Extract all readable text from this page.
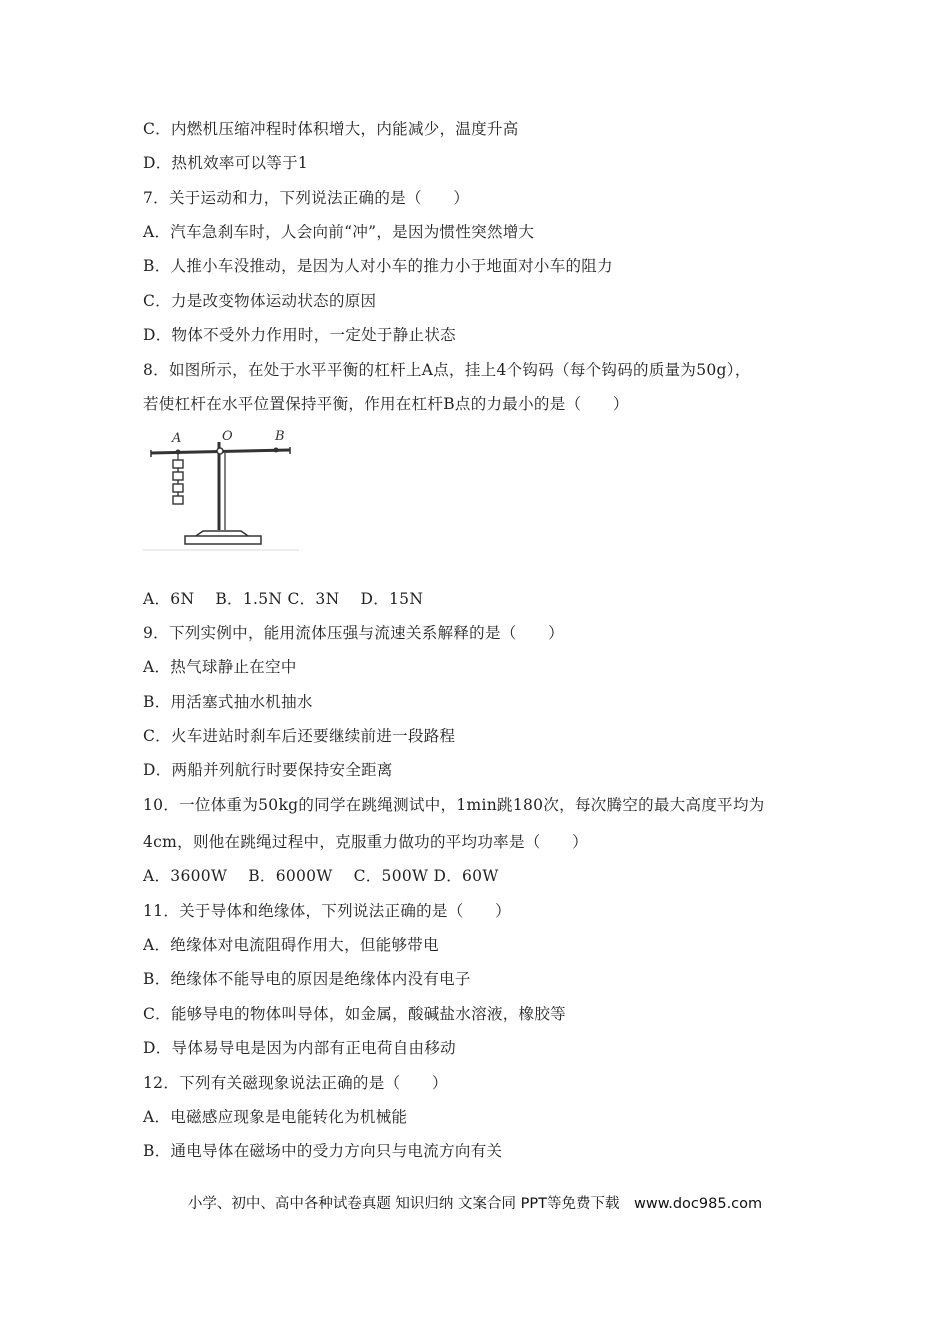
C．内燃机压缩冲程时体积增大，内能减少，温度升高
D．热机效率可以等于1
7．关于运动和力，下列说法正确的是（　　）
A．汽车急刹车时，人会向前“冲”，是因为惯性突然增大
B．人推小车没推动，是因为人对小车的推力小于地面对小车的阻力
C．力是改变物体运动状态的原因
D．物体不受外力作用时，一定处于静止状态
8．如图所示，在处于水平平衡的杠杆上A点，挂上4个钩码（每个钩码的质量为50g），
若使杠杆在水平位置保持平衡，作用在杠杆B点的力最小的是（　　）
A	O	B
A．6N　 B．1.5N C．3N　 D．15N
9．下列实例中，能用流体压强与流速关系解释的是（　　）
A．热气球静止在空中
B．用活塞式抽水机抽水
C．火车进站时刹车后还要继续前进一段路程
D．两船并列航行时要保持安全距离
10．一位体重为50kg的同学在跳绳测试中，1min跳180次，每次腾空的最大高度平均为
4cm，则他在跳绳过程中，克服重力做功的平均功率是（　　）
A．3600W　 B．6000W　 C．500W D．60W
11．关于导体和绝缘体，下列说法正确的是（　　）
A．绝缘体对电流阻碍作用大，但能够带电
B．绝缘体不能导电的原因是绝缘体内没有电子
C．能够导电的物体叫导体，如金属，酸碱盐水溶液，橡胶等
D．导体易导电是因为内部有正电荷自由移动
12．下列有关磁现象说法正确的是（　　）
A．电磁感应现象是电能转化为机械能
B．通电导体在磁场中的受力方向只与电流方向有关
小学、初中、高中各种试卷真题 知识归纳 文案合同 PPT等免费下载　www.doc985.com
